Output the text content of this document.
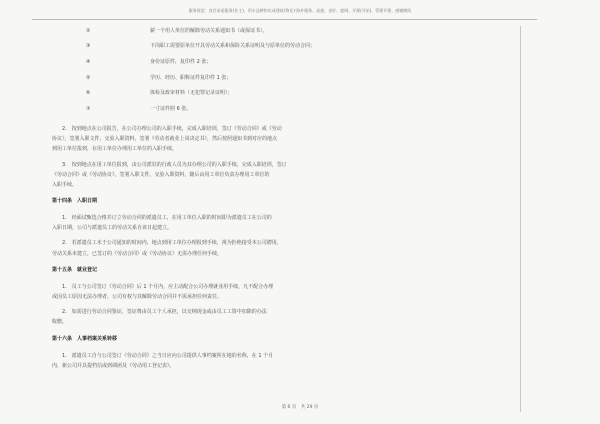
服务规范：良任承诺服务(业主)、用车品种和实成建筑(物业)·海外服务、高速、良好、提纲、开源(开始)、管理开理、感谢期间
②	薪一个用人单位的解除劳动关系通知书（或保证书）。
③	下岗职工需要原单位开具劳动关系和保险关系证明及与原单位的劳动合同；
④	身份证原件，复印件 2 张；
⑤	学历、经历、职称证件复印件 1 张；
⑥	体检及政审材料（无犯罪记录证明）；
⑦	一寸证件照 6 张。
2.　按到地点在公司报告，在公司办理公司的入职手续，完成入职培训，签订《劳动合同》或《劳动
协议》，签署入职文件，交验入职资料，签署《劳动者就业上岗决定书》，然后按照通知书到对应的地点
到用工单位报到，在用工单位办理用工单位的入职手续。
3.　按到地点在用工单位报到，由公司派驻的行政人员为其办理公司的入职手续，完成入职培训，签订
《劳动合同》或《劳动协议》，签署入职文件，交验入职资料，随后由用工单位负责办理用工单位的
入职手续。
第十四条　入职日期
1.　经面试甄选合格并订立劳动合同的派遣员工，在用工单位入职的时间即为派遣员工在公司的
入职日期，公司与派遣员工的劳动关系自该日起建立。
2.　若派遣员工未于公司通知的时间内、地点到用工单位办理报到手续，视为拒绝接受本公司聘用，
劳动关系未建立，已签订的《劳动合同》或《劳动协议》无需办理任何手续。
第十五条　就业登记
1.　员工与公司签订《劳动合同》后 1 个月内，应主动配合公司办理就业用手续，凡不配合办理
或因员工原因无法办理者，公司有权与其解除劳动合同并不需承担任何责任。
2.　如需进行劳动合同鉴证，签证费由员工个人承担，以交纳现金或由员工工资中扣除的办法
收缴。
第十六条　人事档案关系转移
1.　派遣员工自与公司签订《劳动合同》之当日应向公司提供人事档案所在地的名称，在 1 个月
内，新公司并具提档信或到调函及《劳动用工登记表》。
第 6 页　共 29 页
